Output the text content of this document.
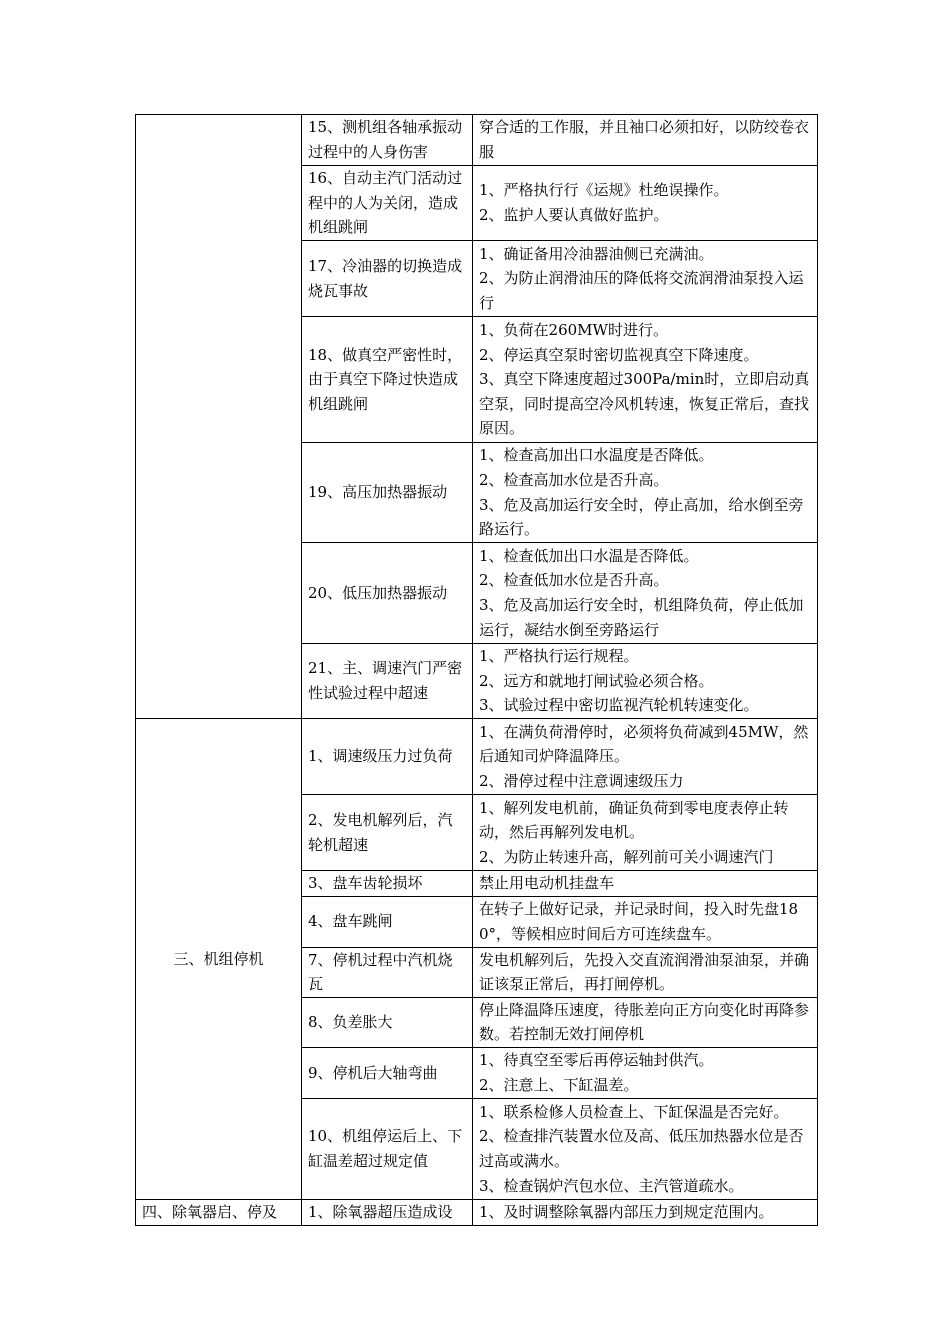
	15、测机组各轴承振动过程中的人身伤害	穿合适的工作服，并且袖口必须扣好，以防绞卷衣服

	16、自动主汽门活动过程中的人为关闭，造成机组跳闸	1、严格执行行《运规》杜绝误操作。
2、监护人要认真做好监护。

	17、冷油器的切换造成烧瓦事故	1、确证备用冷油器油侧已充满油。
2、为防止润滑油压的降低将交流润滑油泵投入运行

	18、做真空严密性时，由于真空下降过快造成机组跳闸	1、负荷在260MW时进行。
2、停运真空泵时密切监视真空下降速度。
3、真空下降速度超过300Pa/min时，立即启动真空泵，同时提高空冷风机转速，恢复正常后，查找原因。

	19、高压加热器振动	1、检查高加出口水温度是否降低。
2、检查高加水位是否升高。
3、危及高加运行安全时，停止高加，给水倒至旁路运行。

	20、低压加热器振动	1、检查低加出口水温是否降低。
2、检查低加水位是否升高。
3、危及高加运行安全时，机组降负荷，停止低加运行，凝结水倒至旁路运行

	21、主、调速汽门严密性试验过程中超速	1、严格执行运行规程。
2、远方和就地打闸试验必须合格。
3、试验过程中密切监视汽轮机转速变化。

三、机组停机	1、调速级压力过负荷	1、在满负荷滑停时，必须将负荷减到45MW，然后通知司炉降温降压。
2、滑停过程中注意调速级压力

	2、发电机解列后，汽轮机超速	1、解列发电机前，确证负荷到零电度表停止转动，然后再解列发电机。
2、为防止转速升高，解列前可关小调速汽门

	3、盘车齿轮损坏	禁止用电动机挂盘车

	4、盘车跳闸	在转子上做好记录，并记录时间，投入时先盘180°，等候相应时间后方可连续盘车。

	7、停机过程中汽机烧瓦	发电机解列后，先投入交直流润滑油泵油泵，并确证该泵正常后，再打闸停机。

	8、负差胀大	停止降温降压速度，待胀差向正方向变化时再降参数。若控制无效打闸停机

	9、停机后大轴弯曲	1、待真空至零后再停运轴封供汽。
2、注意上、下缸温差。

	10、机组停运后上、下缸温差超过规定值	1、联系检修人员检查上、下缸保温是否完好。
2、检查排汽装置水位及高、低压加热器水位是否过高或满水。
3、检查锅炉汽包水位、主汽管道疏水。

四、除氧器启、停及	1、除氧器超压造成设	1、及时调整除氧器内部压力到规定范围内。
